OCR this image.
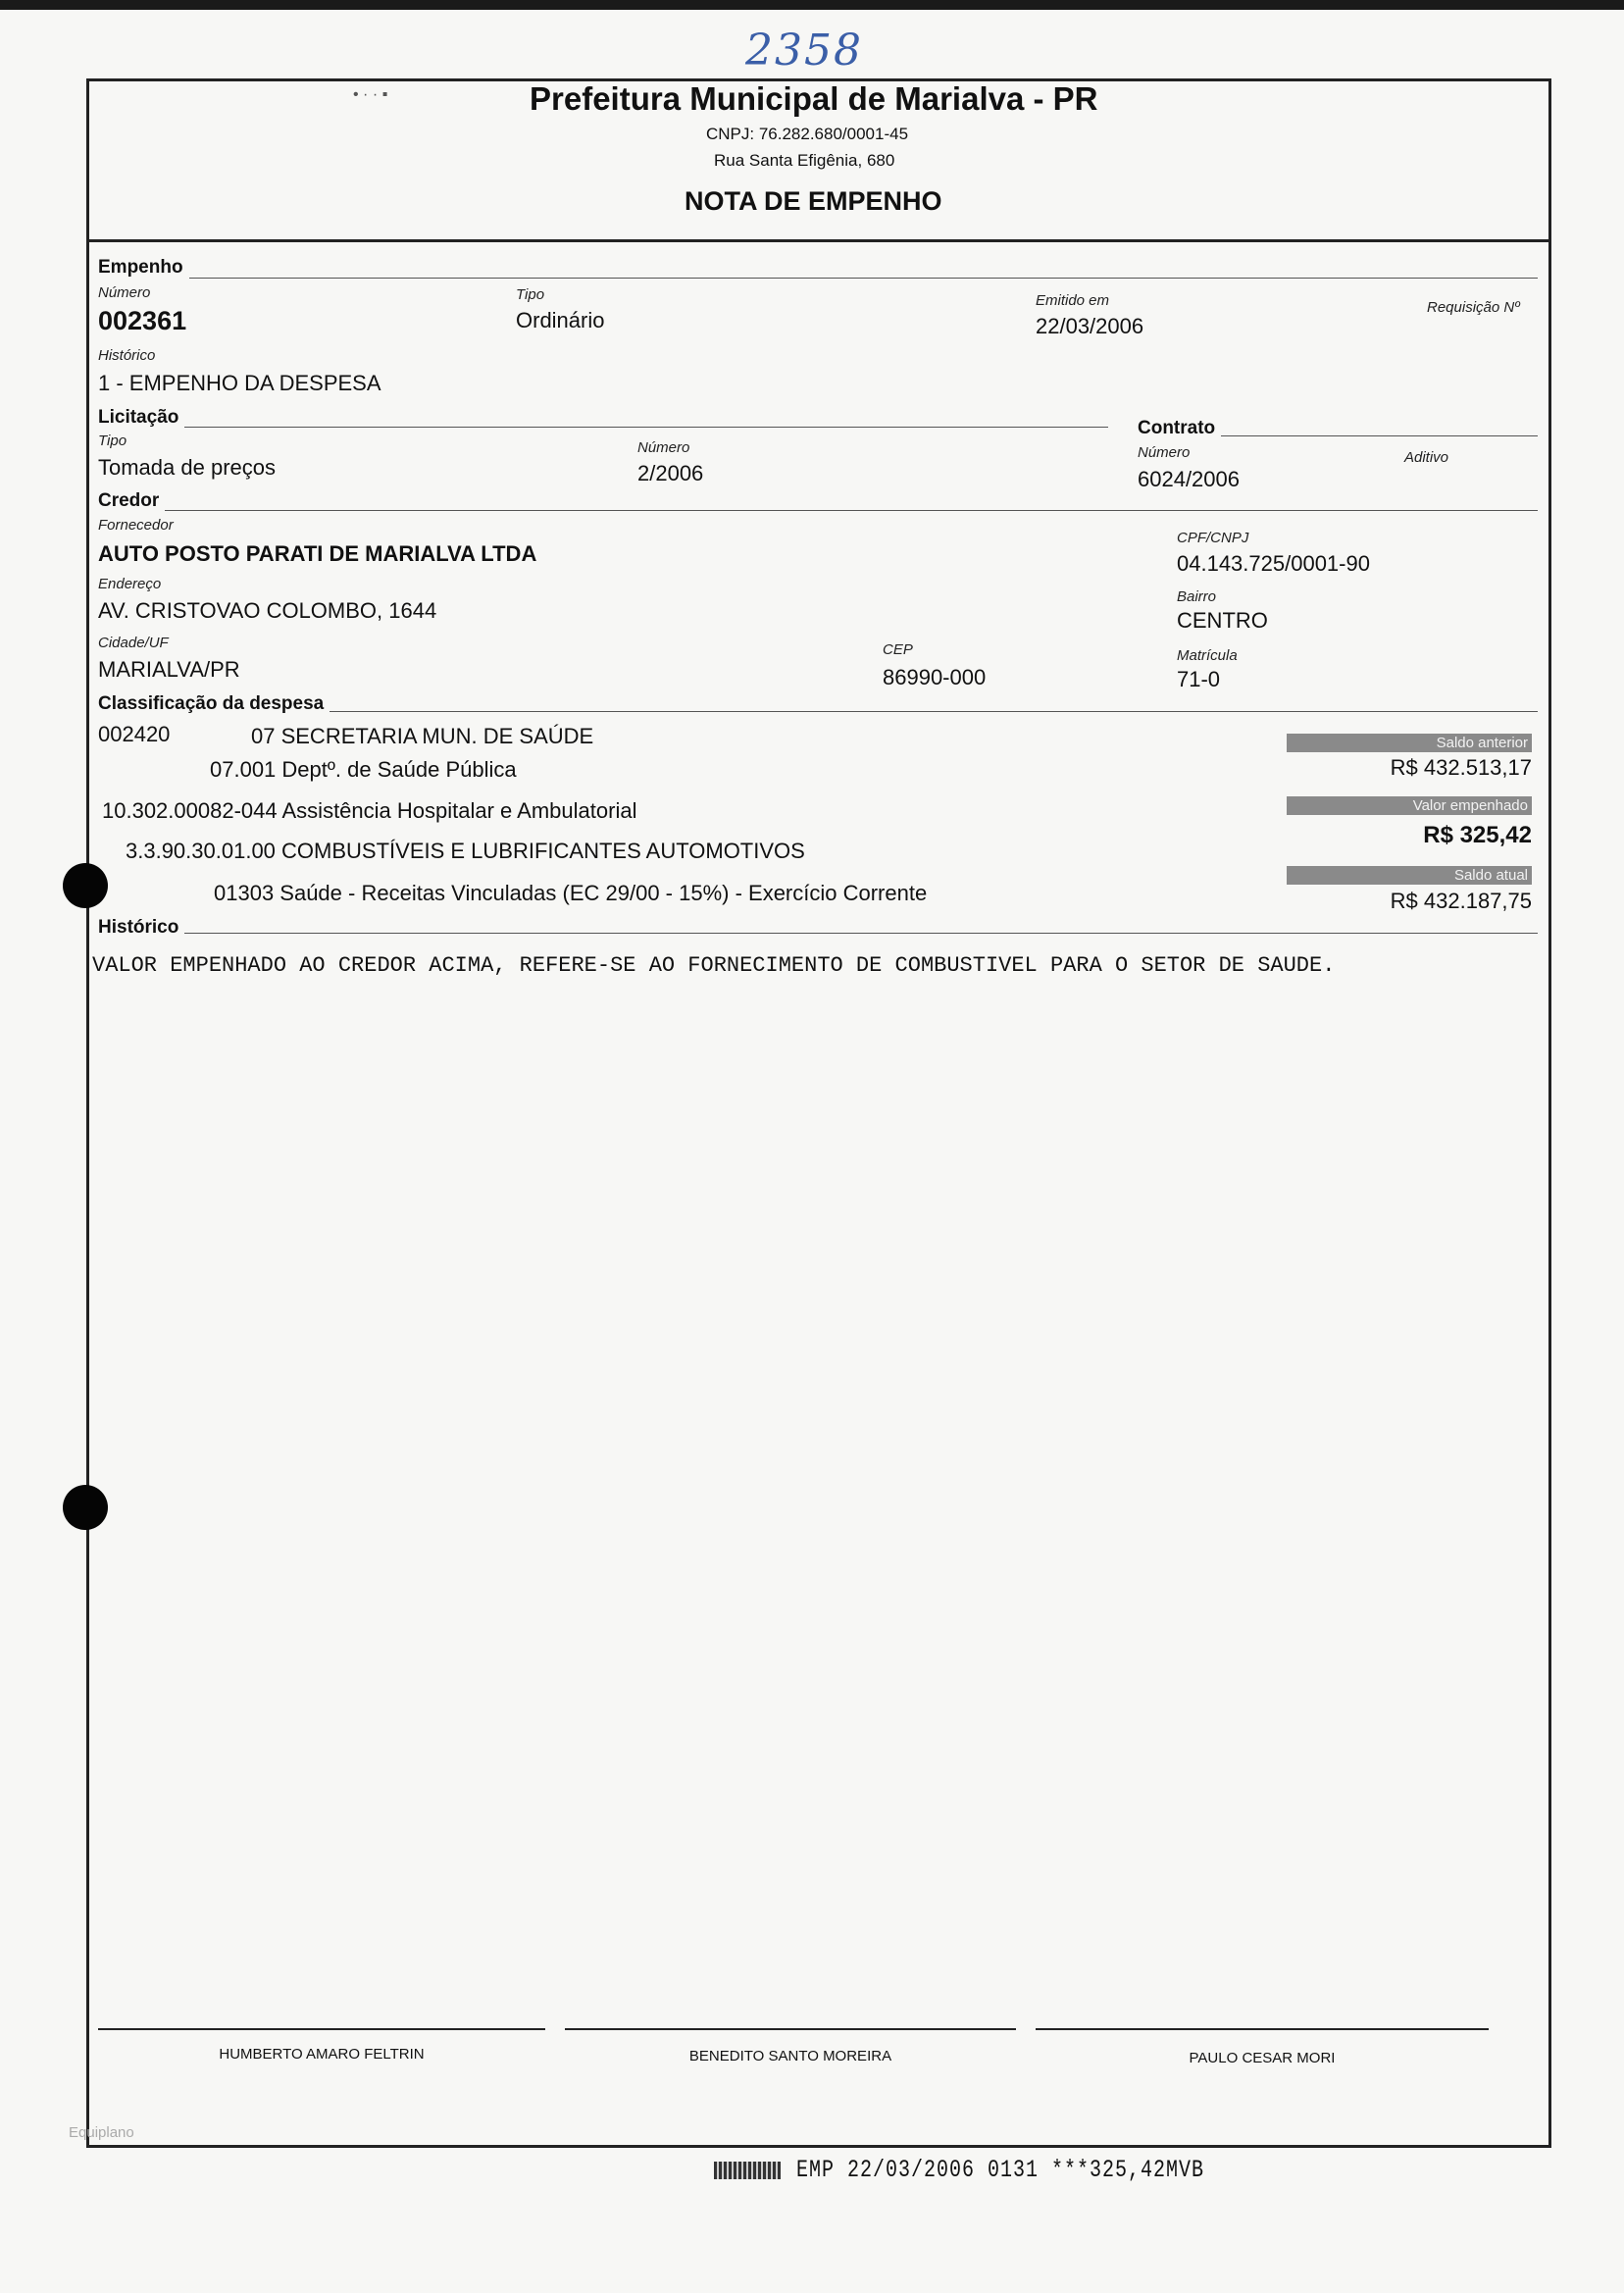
2358
• · · ▪	Prefeitura Municipal de Marialva - PR
CNPJ: 76.282.680/0001-45
Rua Santa Efigênia, 680
NOTA DE EMPENHO
Empenho
Número
002361
Tipo
Ordinário
Emitido em
22/03/2006
Requisição Nº
Histórico
1 - EMPENHO DA DESPESA
Licitação
Tipo
Tomada de preços
Número
2/2006
Contrato
Número
6024/2006
Aditivo
Credor
Fornecedor
AUTO POSTO PARATI DE MARIALVA LTDA
CPF/CNPJ
04.143.725/0001-90
Endereço
AV. CRISTOVAO COLOMBO, 1644
Bairro
CENTRO
Cidade/UF
MARIALVA/PR
CEP
86990-000
Matrícula
71-0
Classificação da despesa
002420	07 SECRETARIA MUN. DE SAÚDE
07.001 Deptº. de Saúde Pública
10.302.00082-044 Assistência Hospitalar e Ambulatorial
3.3.90.30.01.00 COMBUSTÍVEIS E LUBRIFICANTES AUTOMOTIVOS
01303 Saúde - Receitas Vinculadas (EC 29/00 - 15%) - Exercício Corrente
Saldo anterior
R$ 432.513,17
Valor empenhado
R$ 325,42
Saldo atual
R$ 432.187,75
Histórico
VALOR EMPENHADO AO CREDOR ACIMA, REFERE-SE AO FORNECIMENTO DE COMBUSTIVEL PARA O SETOR DE SAUDE.
HUMBERTO AMARO FELTRIN	BENEDITO SANTO MOREIRA	PAULO CESAR MORI
Equiplano
EMP 22/03/2006 0131 ***325,42MVB
